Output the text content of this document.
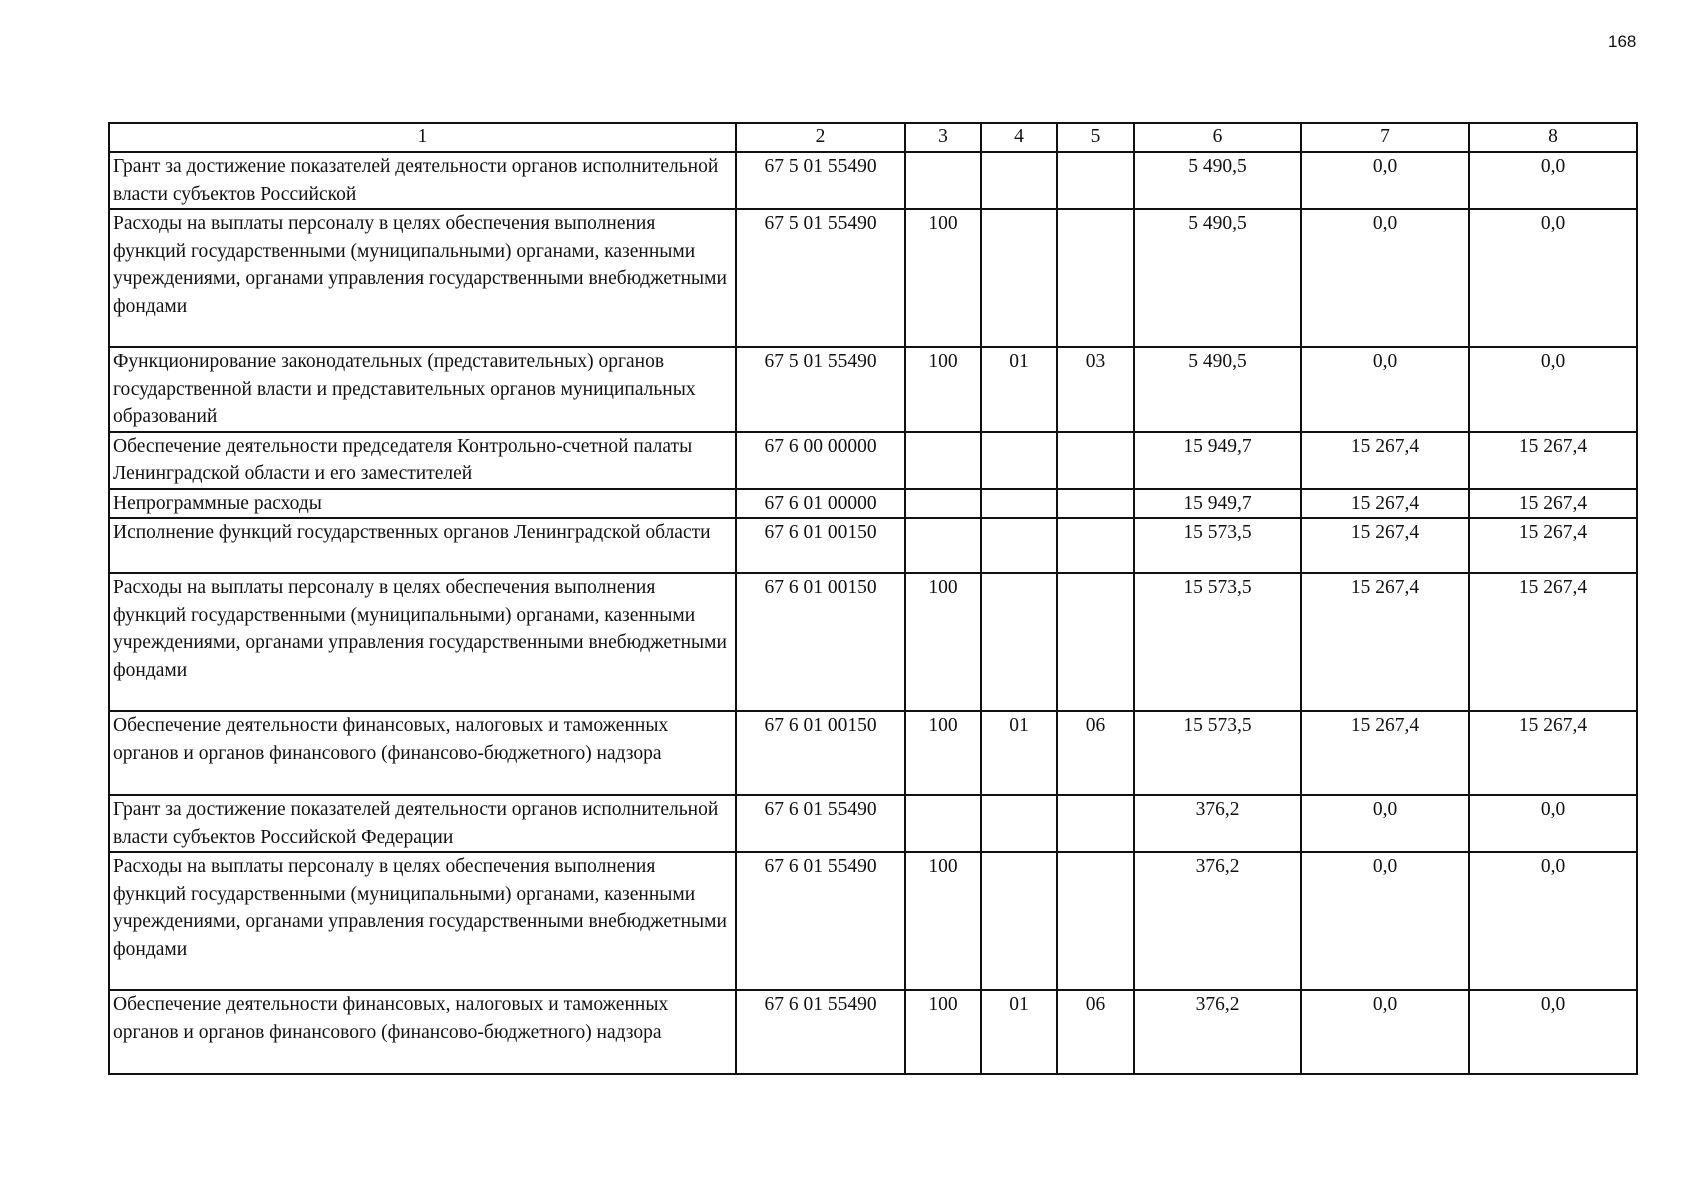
168
1	2	3	4	5	6	7	8
Грант за достижение показателей деятельности органов исполнительной власти субъектов Российской	67 5 01 55490				5 490,5	0,0	0,0
Расходы на выплаты персоналу в целях обеспечения выполнения функций государственными (муниципальными) органами, казенными учреждениями, органами управления государственными внебюджетными фондами	67 5 01 55490	100			5 490,5	0,0	0,0
Функционирование законодательных (представительных) органов государственной власти и представительных органов муниципальных образований	67 5 01 55490	100	01	03	5 490,5	0,0	0,0
Обеспечение деятельности председателя Контрольно-счетной палаты Ленинградской области и его заместителей	67 6 00 00000				15 949,7	15 267,4	15 267,4
Непрограммные расходы	67 6 01 00000				15 949,7	15 267,4	15 267,4
Исполнение функций государственных органов Ленинградской области	67 6 01 00150				15 573,5	15 267,4	15 267,4
Расходы на выплаты персоналу в целях обеспечения выполнения функций государственными (муниципальными) органами, казенными учреждениями, органами управления государственными внебюджетными фондами	67 6 01 00150	100			15 573,5	15 267,4	15 267,4
Обеспечение деятельности финансовых, налоговых и таможенных органов и органов финансового (финансово-бюджетного) надзора	67 6 01 00150	100	01	06	15 573,5	15 267,4	15 267,4
Грант за достижение показателей деятельности органов исполнительной власти субъектов Российской Федерации	67 6 01 55490				376,2	0,0	0,0
Расходы на выплаты персоналу в целях обеспечения выполнения функций государственными (муниципальными) органами, казенными учреждениями, органами управления государственными внебюджетными фондами	67 6 01 55490	100			376,2	0,0	0,0
Обеспечение деятельности финансовых, налоговых и таможенных органов и органов финансового (финансово-бюджетного) надзора	67 6 01 55490	100	01	06	376,2	0,0	0,0
